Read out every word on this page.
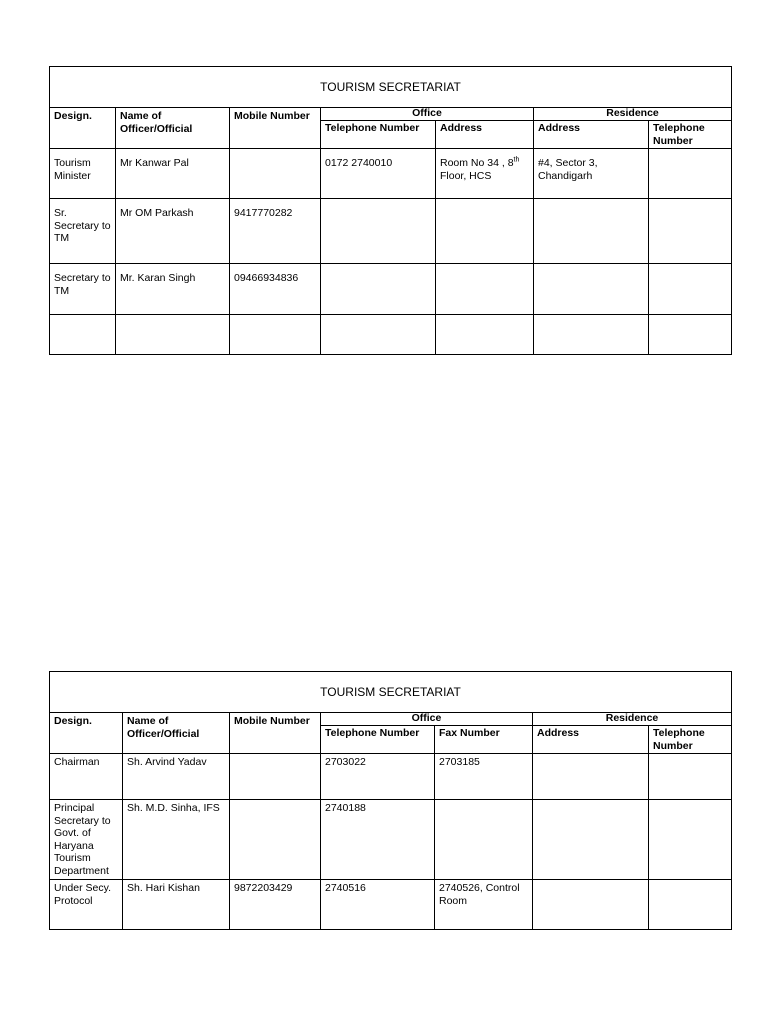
TOURISM SECRETARIAT						
Design.	Name of Officer/Official	Mobile Number	Office		Residence	
			Telephone Number	Address	Address	Telephone Number
Tourism Minister	Mr Kanwar Pal		0172 2740010	Room No 34 , 8th Floor, HCS	#4, Sector 3, Chandigarh	
Sr. Secretary to TM	Mr OM Parkash	9417770282				
Secretary to TM	Mr. Karan Singh	09466934836				

TOURISM SECRETARIAT						
Design.	Name of Officer/Official	Mobile Number	Office		Residence	
			Telephone Number	Fax Number	Address	Telephone Number
Chairman	Sh. Arvind Yadav		2703022	2703185		
Principal Secretary to Govt. of Haryana Tourism Department	Sh. M.D. Sinha, IFS		2740188			
Under Secy. Protocol	Sh. Hari Kishan	9872203429	2740516	2740526, Control Room		
